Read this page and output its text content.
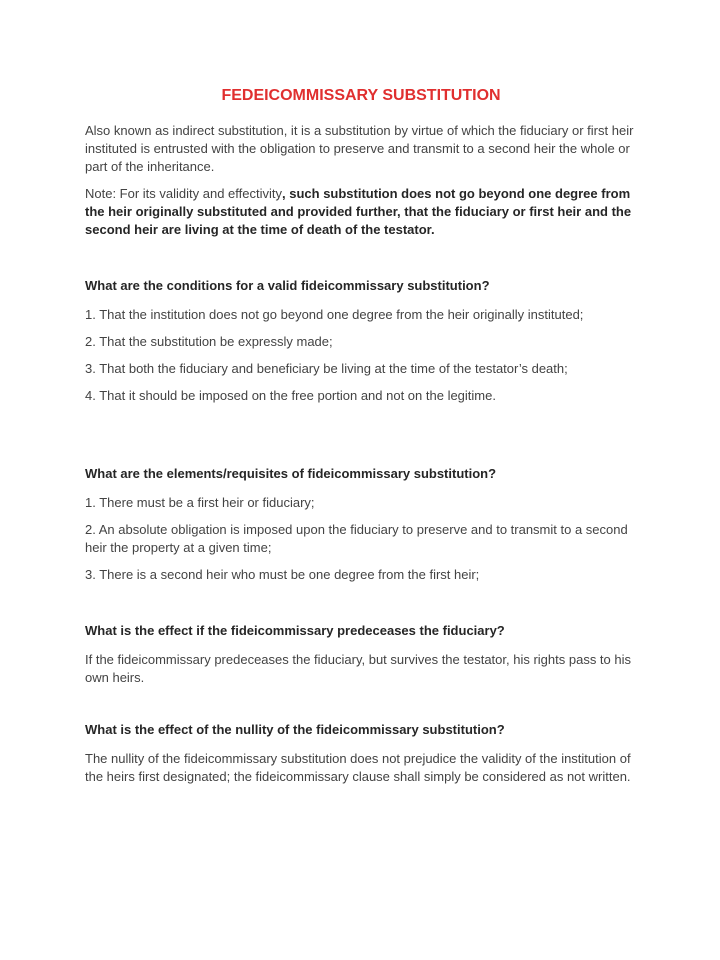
FEDEICOMMISSARY SUBSTITUTION

Also known as indirect substitution, it is a substitution by virtue of which the fiduciary or first heir instituted is entrusted with the obligation to preserve and transmit to a second heir the whole or part of the inheritance.

Note: For its validity and effectivity, such substitution does not go beyond one degree from the heir originally substituted and provided further, that the fiduciary or first heir and the second heir are living at the time of death of the testator.

What are the conditions for a valid fideicommissary substitution?

1. That the institution does not go beyond one degree from the heir originally instituted;

2. That the substitution be expressly made;

3. That both the fiduciary and beneficiary be living at the time of the testator’s death;

4. That it should be imposed on the free portion and not on the legitime.

What are the elements/requisites of fideicommissary substitution?

1. There must be a first heir or fiduciary;

2. An absolute obligation is imposed upon the fiduciary to preserve and to transmit to a second heir the property at a given time;

3. There is a second heir who must be one degree from the first heir;

What is the effect if the fideicommissary predeceases the fiduciary?

If the fideicommissary predeceases the fiduciary, but survives the testator, his rights pass to his own heirs.

What is the effect of the nullity of the fideicommissary substitution?

The nullity of the fideicommissary substitution does not prejudice the validity of the institution of the heirs first designated; the fideicommissary clause shall simply be considered as not written.
